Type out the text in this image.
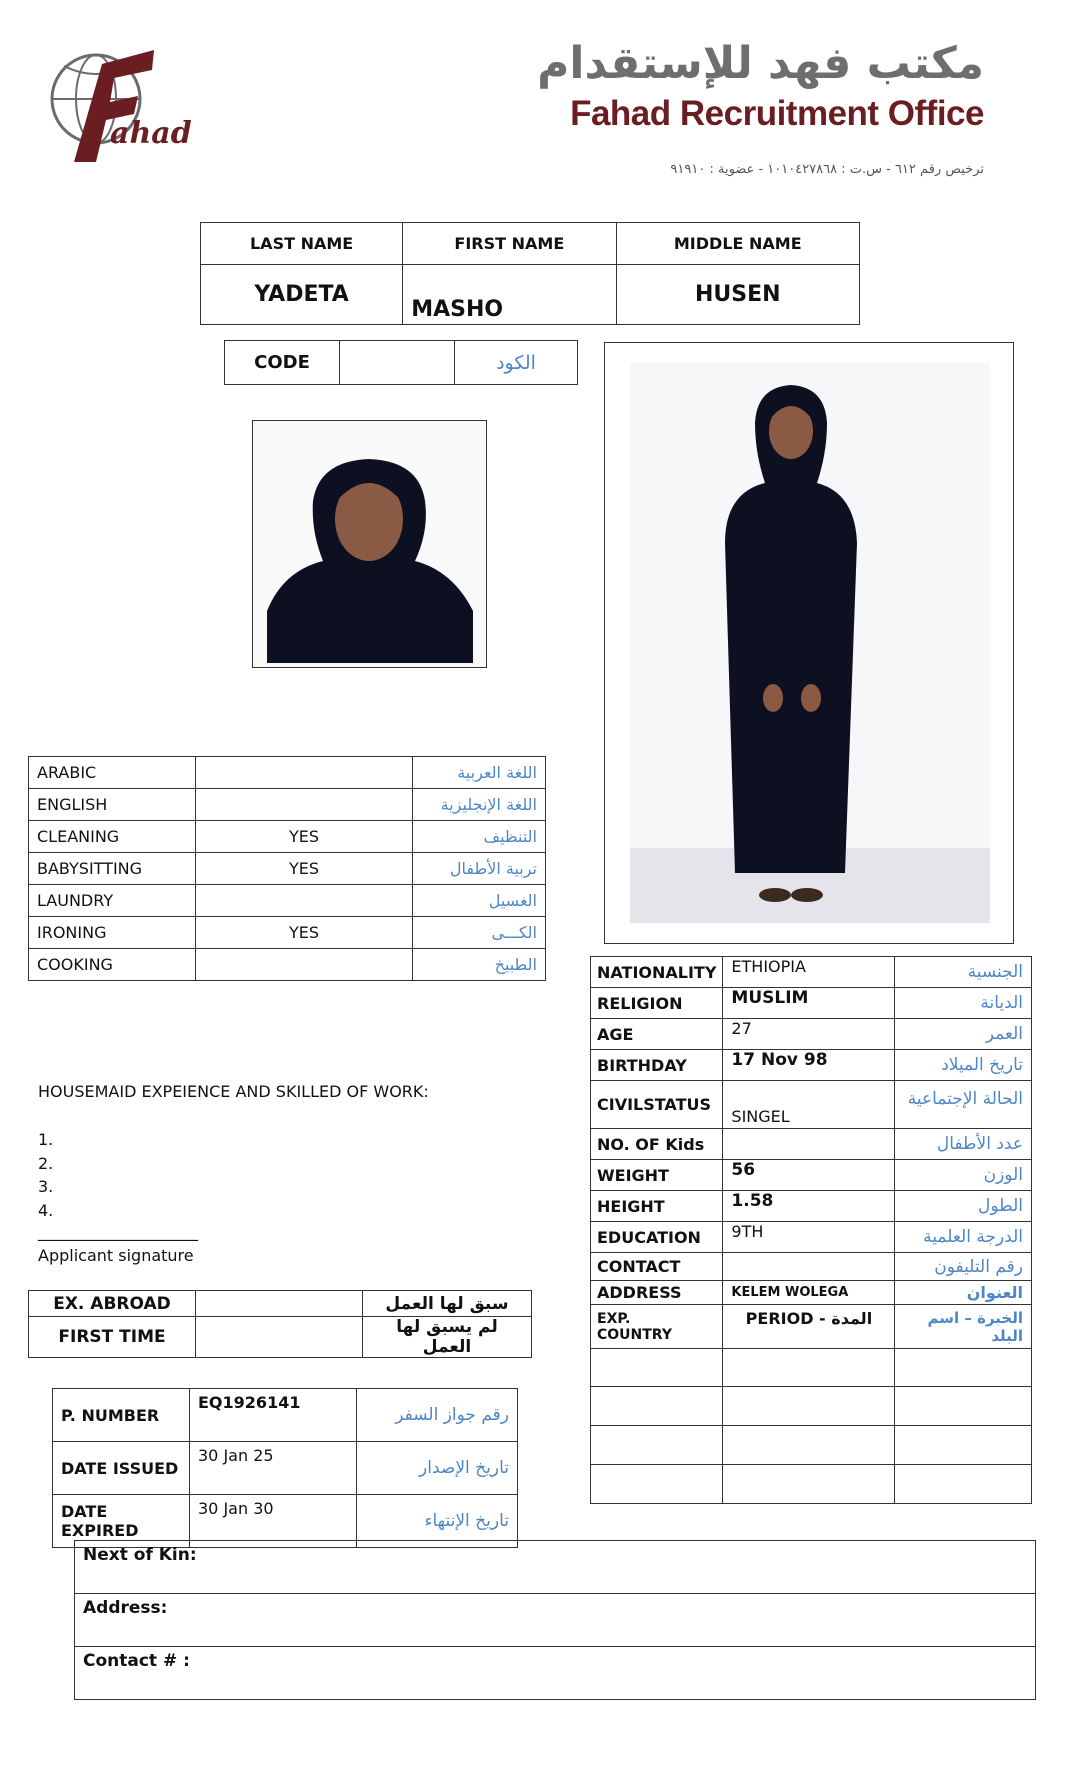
ahad
مكتب فهد للإستقدام
Fahad Recruitment Office
ترخيص رقم ٦١٢ - س.ت : ١٠١٠٤٢٧٨٦٨ - عضوية : ٩١٩١٠
LAST NAME	FIRST NAME	MIDDLE NAME
YADETA	MASHO	HUSEN
CODE		الكود
ARABIC		اللغة العربية
ENGLISH		اللغة الإنجليزية
CLEANING	YES	التنظيف
BABYSITTING	YES	تربية الأطفال
LAUNDRY		الغسيل
IRONING	YES	الكـــى
COOKING		الطبيخ
HOUSEMAID EXPEIENCE AND SKILLED OF WORK:
1.
2.
3.
4.
____________________
Applicant signature
EX. ABROAD		سبق لها العمل
FIRST TIME		لم يسبق لها العمل
P. NUMBER	EQ1926141	رقم جواز السفر
DATE ISSUED	30 Jan 25	تاريخ الإصدار
DATE EXPIRED	30 Jan 30	تاريخ الإنتهاء
NATIONALITY	ETHIOPIA	الجنسية
RELIGION	MUSLIM	الديانة
AGE	27	العمر
BIRTHDAY	17 Nov 98	تاريخ الميلاد
CIVILSTATUS	SINGEL	الحالة الإجتماعية
NO. OF Kids		عدد الأطفال
WEIGHT	56	الوزن
HEIGHT	1.58	الطول
EDUCATION	9TH	الدرجة العلمية
CONTACT		رقم التليفون
ADDRESS	KELEM WOLEGA	العنوان
EXP.
COUNTRY	PERIOD - المدة	الخبرة – اسم البلد

Next of Kin:
Address:
Contact # :
